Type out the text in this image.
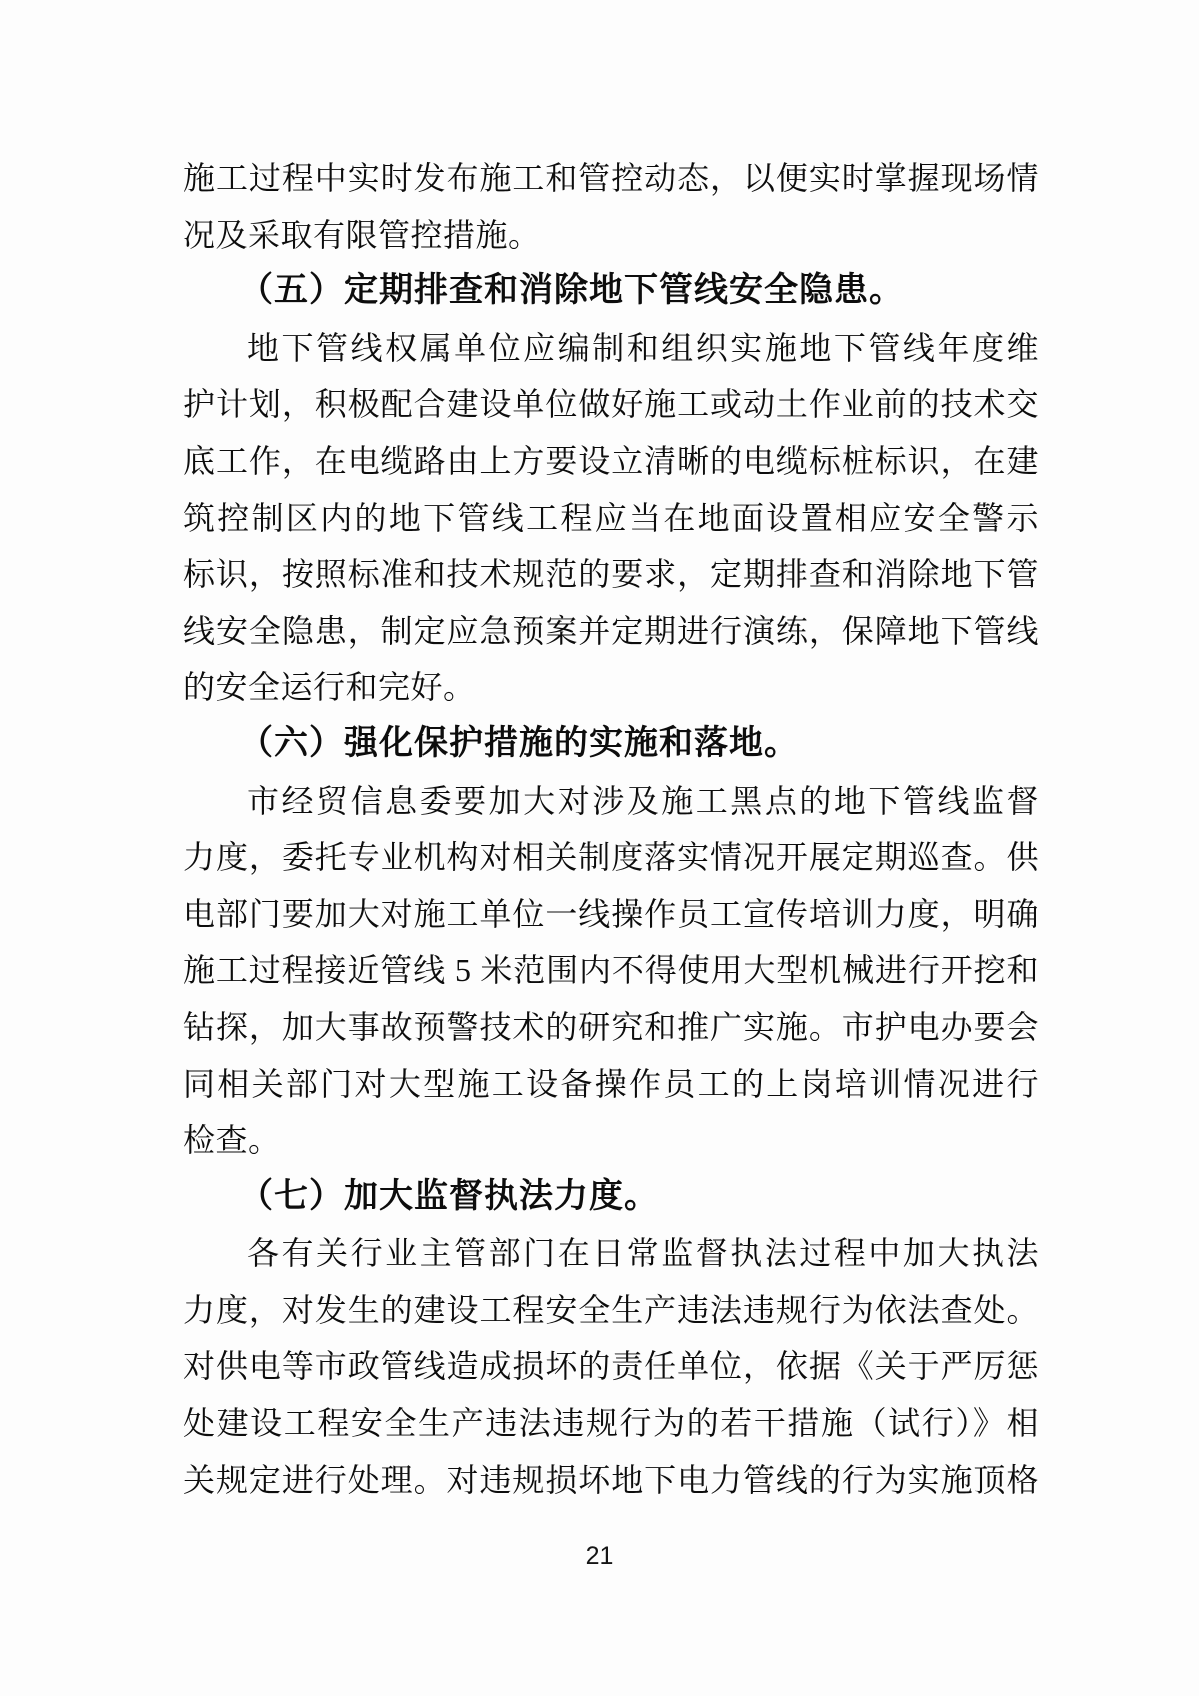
施工过程中实时发布施工和管控动态，以便实时掌握现场情
况及采取有限管控措施。
（五）定期排查和消除地下管线安全隐患。
地下管线权属单位应编制和组织实施地下管线年度维
护计划，积极配合建设单位做好施工或动土作业前的技术交
底工作，在电缆路由上方要设立清晰的电缆标桩标识，在建
筑控制区内的地下管线工程应当在地面设置相应安全警示
标识，按照标准和技术规范的要求，定期排查和消除地下管
线安全隐患，制定应急预案并定期进行演练，保障地下管线
的安全运行和完好。
（六）强化保护措施的实施和落地。
市经贸信息委要加大对涉及施工黑点的地下管线监督
力度，委托专业机构对相关制度落实情况开展定期巡查。供
电部门要加大对施工单位一线操作员工宣传培训力度，明确
施工过程接近管线 5 米范围内不得使用大型机械进行开挖和
钻探，加大事故预警技术的研究和推广实施。市护电办要会
同相关部门对大型施工设备操作员工的上岗培训情况进行
检查。
（七）加大监督执法力度。
各有关行业主管部门在日常监督执法过程中加大执法
力度，对发生的建设工程安全生产违法违规行为依法查处。
对供电等市政管线造成损坏的责任单位，依据《关于严厉惩
处建设工程安全生产违法违规行为的若干措施（试行）》相
关规定进行处理。对违规损坏地下电力管线的行为实施顶格
21
